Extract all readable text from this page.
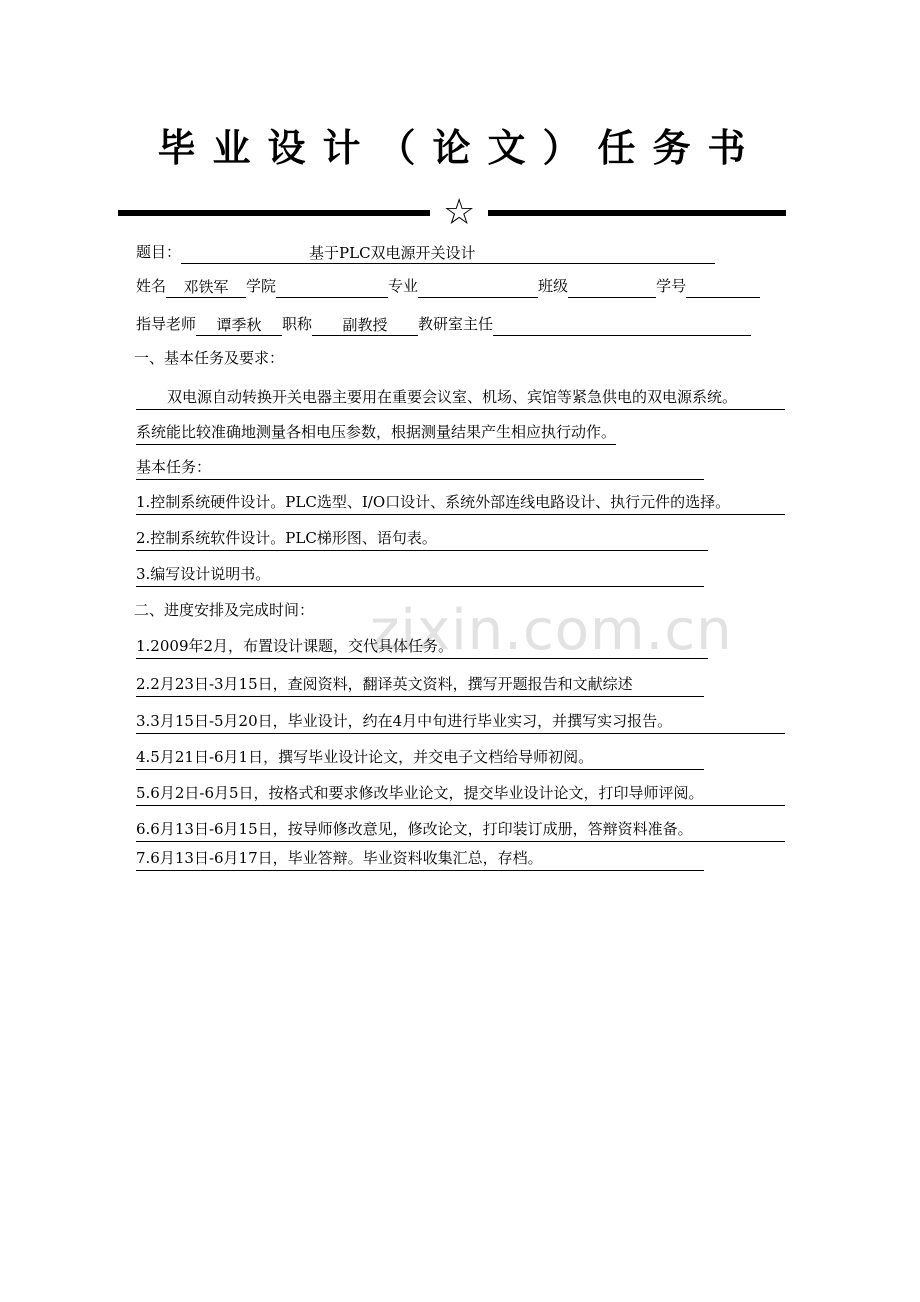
毕业设计（论文）任务书
☆
题目：	基于PLC双电源开关设计
姓名 邓铁军 学院	专业	班级	学号
指导老师 谭季秋 职称 副教授 教研室主任
一、基本任务及要求：
双电源自动转换开关电器主要用在重要会议室、机场、宾馆等紧急供电的双电源系统。
系统能比较准确地测量各相电压参数，根据测量结果产生相应执行动作。
基本任务：
1.控制系统硬件设计。PLC选型、I/O口设计、系统外部连线电路设计、执行元件的选择。
2.控制系统软件设计。PLC梯形图、语句表。
3.编写设计说明书。
二、进度安排及完成时间： zixin.com.cn
1.2009年2月，布置设计课题，交代具体任务。
2.2月23日-3月15日，查阅资料，翻译英文资料，撰写开题报告和文献综述
3.3月15日-5月20日，毕业设计，约在4月中旬进行毕业实习，并撰写实习报告。
4.5月21日-6月1日，撰写毕业设计论文，并交电子文档给导师初阅。
5.6月2日-6月5日，按格式和要求修改毕业论文，提交毕业设计论文，打印导师评阅。
6.6月13日-6月15日，按导师修改意见，修改论文，打印装订成册，答辩资料准备。
7.6月13日-6月17日，毕业答辩。毕业资料收集汇总，存档。
